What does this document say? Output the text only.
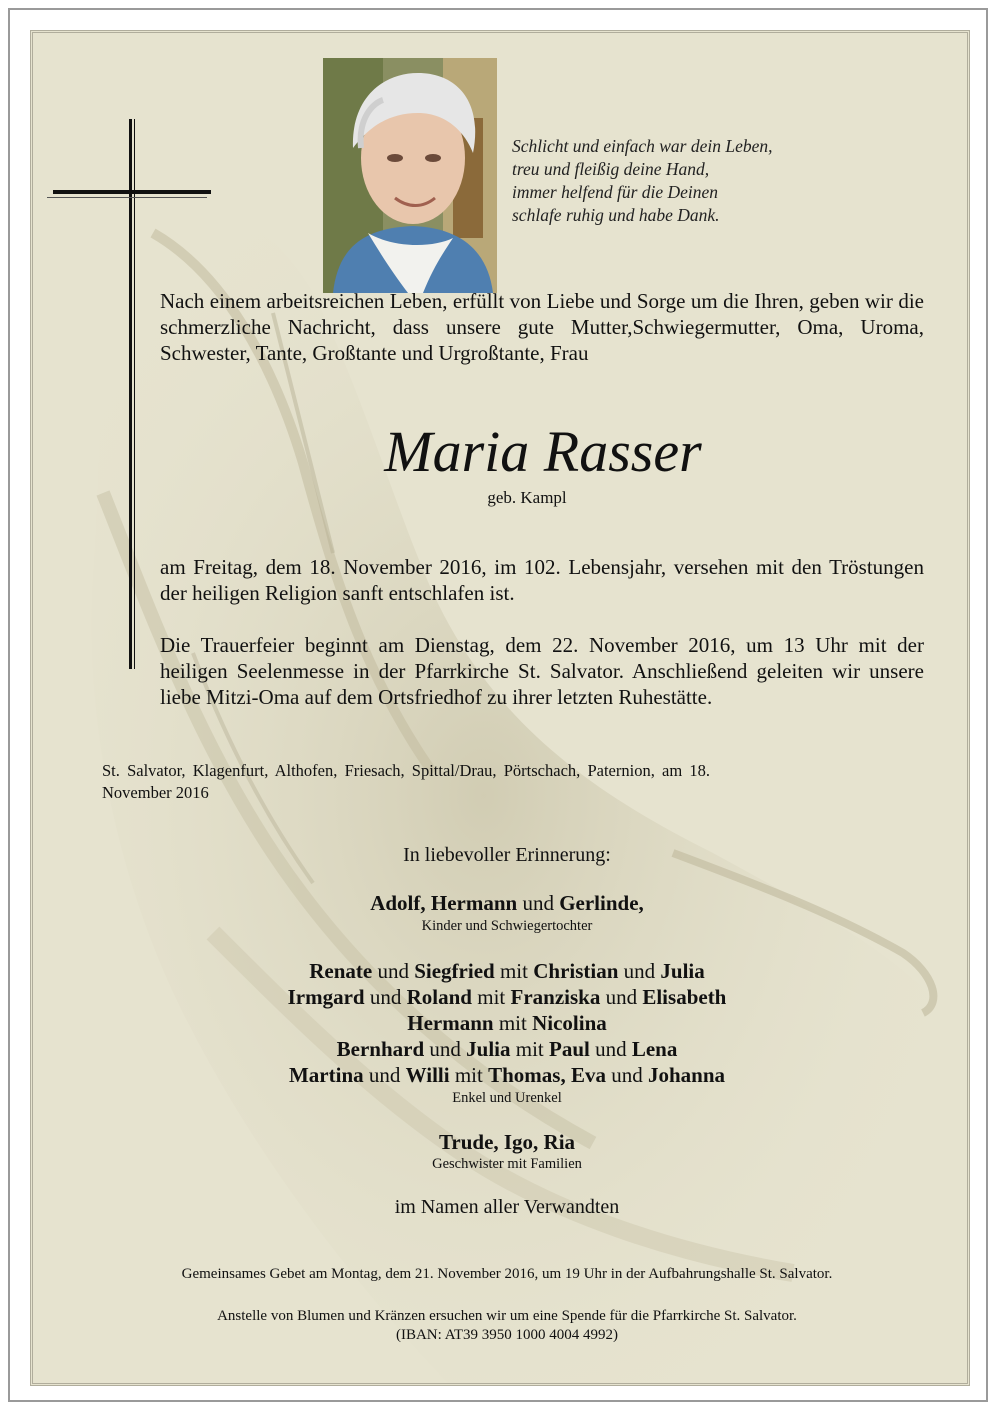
Schlicht und einfach war dein Leben,
treu und fleißig deine Hand,
immer helfend für die Deinen
schlafe ruhig und habe Dank.
Nach einem arbeitsreichen Leben, erfüllt von Liebe und Sorge um die Ihren, geben wir die schmerzliche Nachricht, dass unsere gute Mutter,Schwiegermutter, Oma, Uroma, Schwester, Tante, Großtante und Urgroßtante, Frau
Maria Rasser
geb. Kampl
am Freitag, dem 18. November 2016, im 102. Lebensjahr, versehen mit den Tröstungen der heiligen Religion sanft entschlafen ist.
Die Trauerfeier beginnt am Dienstag, dem 22. November 2016, um 13 Uhr mit der heiligen Seelenmesse in der Pfarrkirche St. Salvator. Anschließend geleiten wir unsere liebe Mitzi-Oma auf dem Ortsfriedhof zu ihrer letzten Ruhestätte.
St. Salvator, Klagenfurt, Althofen, Friesach, Spittal/Drau, Pörtschach, Paternion, am 18. November 2016
In liebevoller Erinnerung:
Adolf, Hermann und Gerlinde,
Kinder und Schwiegertochter
Renate und Siegfried mit Christian und Julia
Irmgard und Roland mit Franziska und Elisabeth
Hermann mit Nicolina
Bernhard und Julia mit Paul und Lena
Martina und Willi mit Thomas, Eva und Johanna
Enkel und Urenkel
Trude, Igo, Ria
Geschwister mit Familien
im Namen aller Verwandten
Gemeinsames Gebet am Montag, dem 21. November 2016, um 19 Uhr in der Aufbahrungshalle St. Salvator.
Anstelle von Blumen und Kränzen ersuchen wir um eine Spende für die Pfarrkirche St. Salvator.
(IBAN: AT39 3950 1000 4004 4992)
